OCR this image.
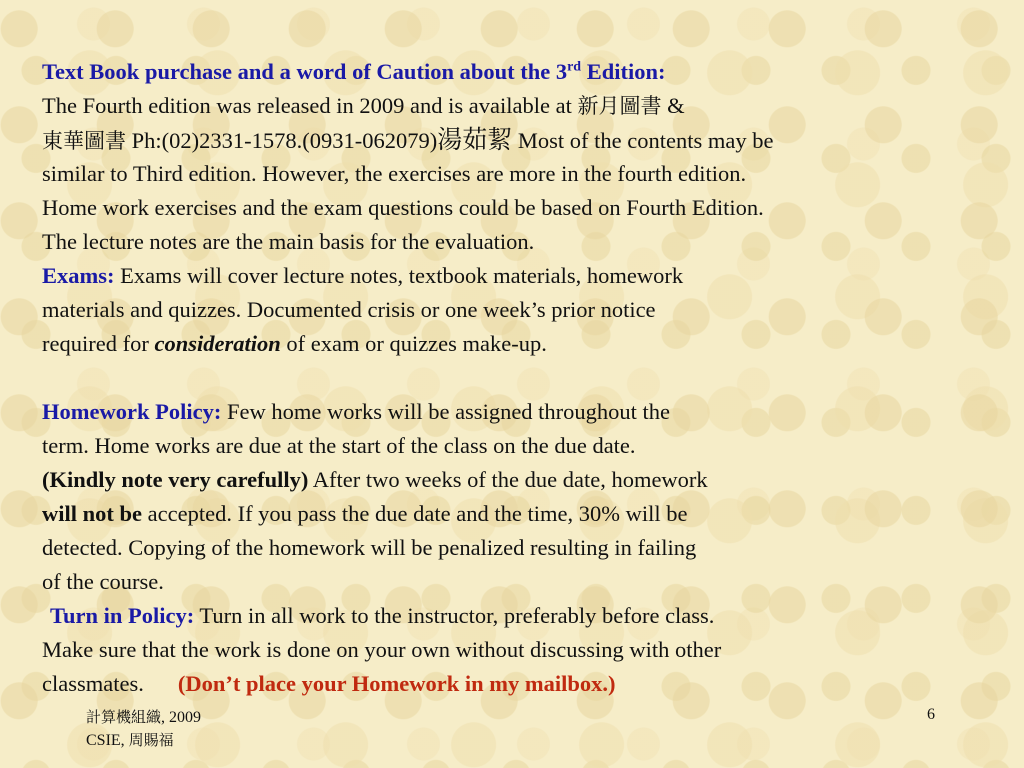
Text Book purchase and a word of Caution about the 3rd Edition:
The Fourth edition was released in 2009 and is available at 新月圖書 &
東華圖書 Ph:(02)2331-1578.(0931-062079)湯茹絜 Most of the contents may be
similar to Third edition. However, the exercises are more in the fourth edition.
Home work exercises and the exam questions could be based on Fourth Edition.
The lecture notes are the main basis for the evaluation.
Exams: Exams will cover lecture notes, textbook materials, homework
materials and quizzes. Documented crisis or one week’s prior notice
required for consideration of exam or quizzes make-up.
Homework Policy: Few home works will be assigned throughout the
term. Home works are due at the start of the class on the due date.
(Kindly note very carefully) After two weeks of the due date, homework
will not be accepted. If you pass the due date and the time, 30% will be
detected. Copying of the homework will be penalized resulting in failing
of the course.
Turn in Policy: Turn in all work to the instructor, preferably before class.
Make sure that the work is done on your own without discussing with other
classmates. (Don’t place your Homework in my mailbox.)
計算機組織, 2009
CSIE, 周賜福
6
